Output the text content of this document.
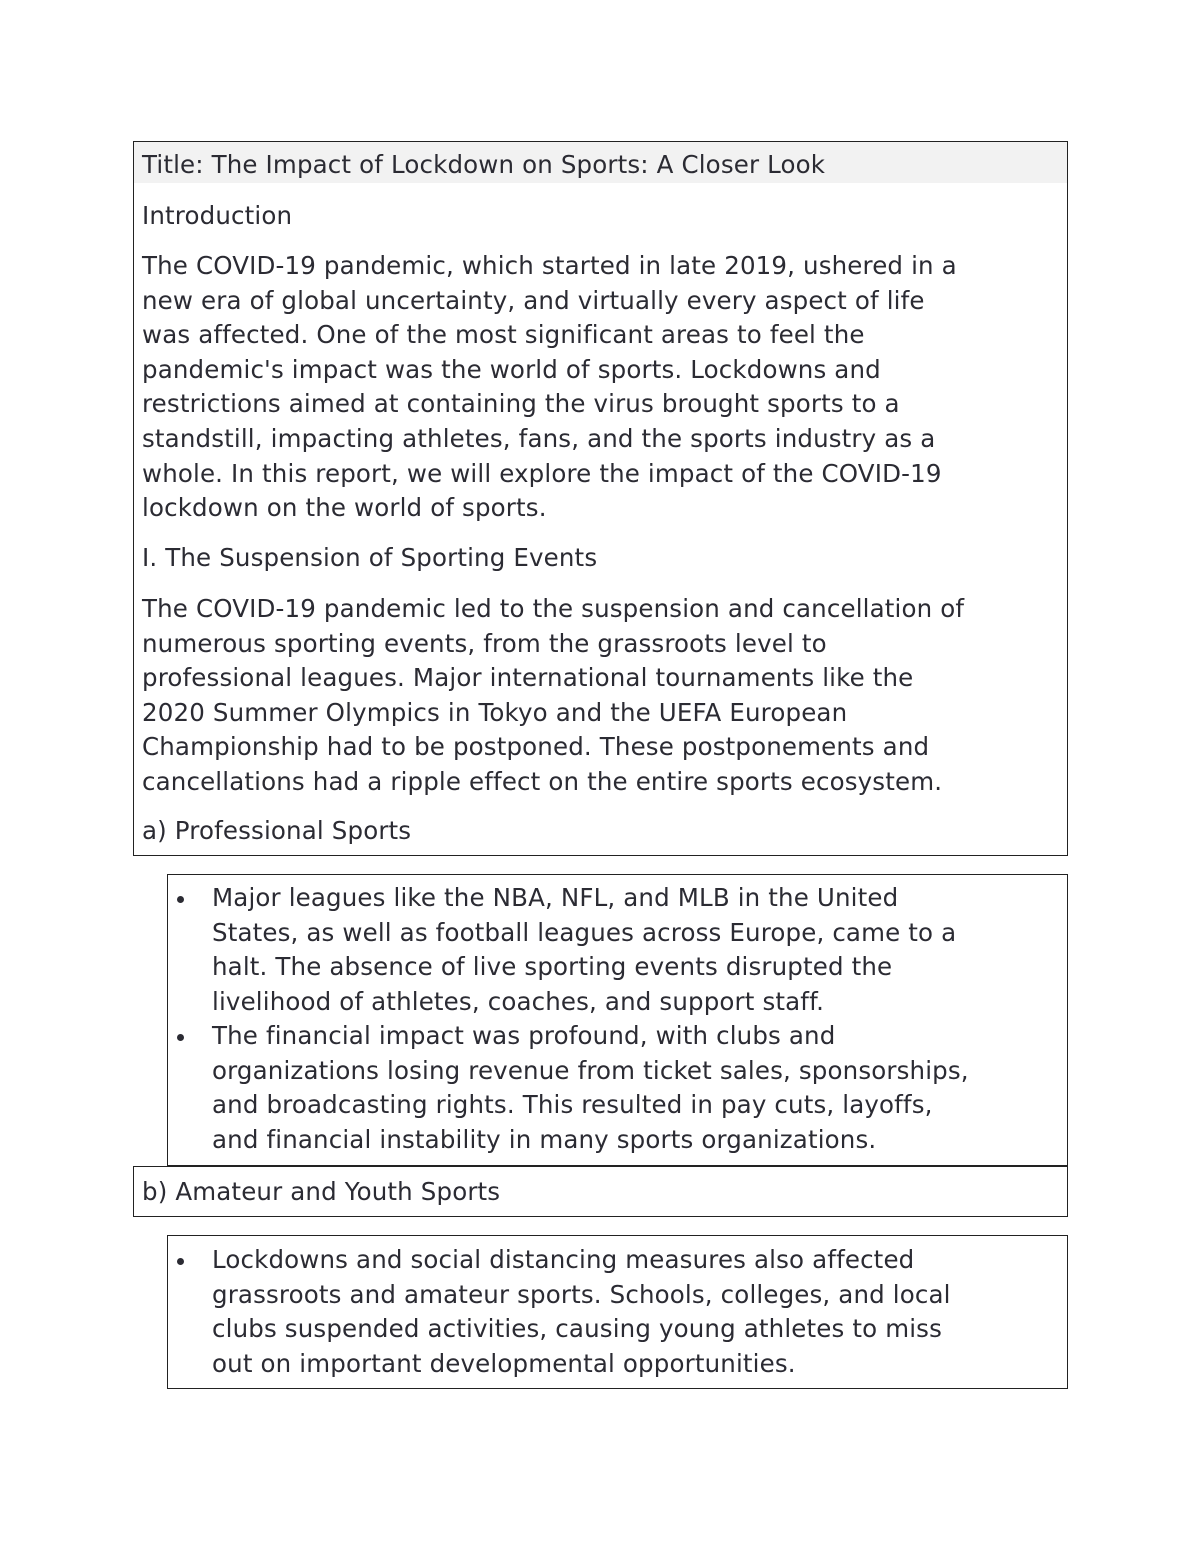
Title: The Impact of Lockdown on Sports: A Closer Look
Introduction
The COVID-19 pandemic, which started in late 2019, ushered in a
new era of global uncertainty, and virtually every aspect of life
was affected. One of the most significant areas to feel the
pandemic's impact was the world of sports. Lockdowns and
restrictions aimed at containing the virus brought sports to a
standstill, impacting athletes, fans, and the sports industry as a
whole. In this report, we will explore the impact of the COVID-19
lockdown on the world of sports.
I. The Suspension of Sporting Events
The COVID-19 pandemic led to the suspension and cancellation of
numerous sporting events, from the grassroots level to
professional leagues. Major international tournaments like the
2020 Summer Olympics in Tokyo and the UEFA European
Championship had to be postponed. These postponements and
cancellations had a ripple effect on the entire sports ecosystem.
a) Professional Sports
Major leagues like the NBA, NFL, and MLB in the United
States, as well as football leagues across Europe, came to a
halt. The absence of live sporting events disrupted the
livelihood of athletes, coaches, and support staff.
The financial impact was profound, with clubs and
organizations losing revenue from ticket sales, sponsorships,
and broadcasting rights. This resulted in pay cuts, layoffs,
and financial instability in many sports organizations.
b) Amateur and Youth Sports
Lockdowns and social distancing measures also affected
grassroots and amateur sports. Schools, colleges, and local
clubs suspended activities, causing young athletes to miss
out on important developmental opportunities.
